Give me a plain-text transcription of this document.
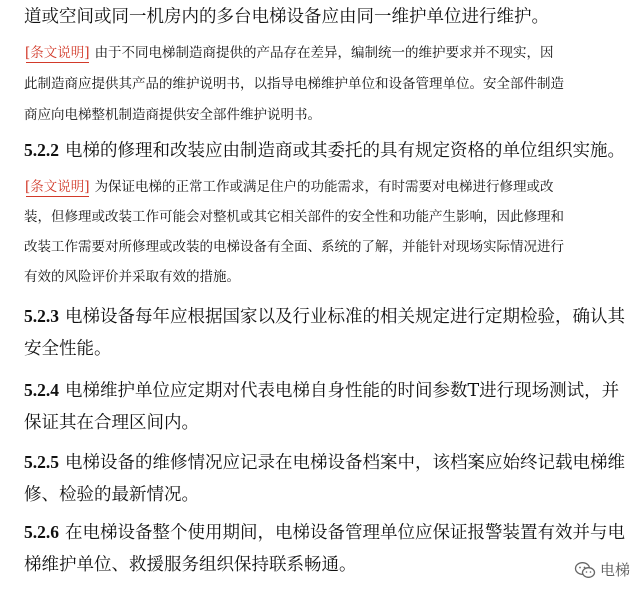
道或空间或同一机房内的多台电梯设备应由同一维护单位进行维护。
[ 条文说明
] 由于不同电梯制造商提供的产品存在差异，编制统一的维护要求并不现实，因
此制造商应提供其产品的维护说明书，以指导电梯维护单位和设备管理单位。安全部件制造
商应向电梯整机制造商提供安全部件维护说明书。
5.2.2 电梯的修理和改装应由制造商或其委托的具有规定资格的单位组织实施。
[ 条文说明
] 为保证电梯的正常工作或满足住户的功能需求，有时需要对电梯进行修理或改
装，但修理或改装工作可能会对整机或其它相关部件的安全性和功能产生影响，因此修理和
改装工作需要对所修理或改装的电梯设备有全面、系统的了解，并能针对现场实际情况进行
有效的风险评价并采取有效的措施。
5.2.3 电梯设备每年应根据国家以及行业标准的相关规定进行定期检验，确认其
安全性能。
5.2.4 电梯维护单位应定期对代表电梯自身性能的时间参数T进行现场测试，并
保证其在合理区间内。
5.2.5 电梯设备的维修情况应记录在电梯设备档案中，该档案应始终记载电梯维
修、检验的最新情况。
5.2.6 在电梯设备整个使用期间，电梯设备管理单位应保证报警装置有效并与电
梯维护单位、救援服务组织保持联系畅通。	电梯
